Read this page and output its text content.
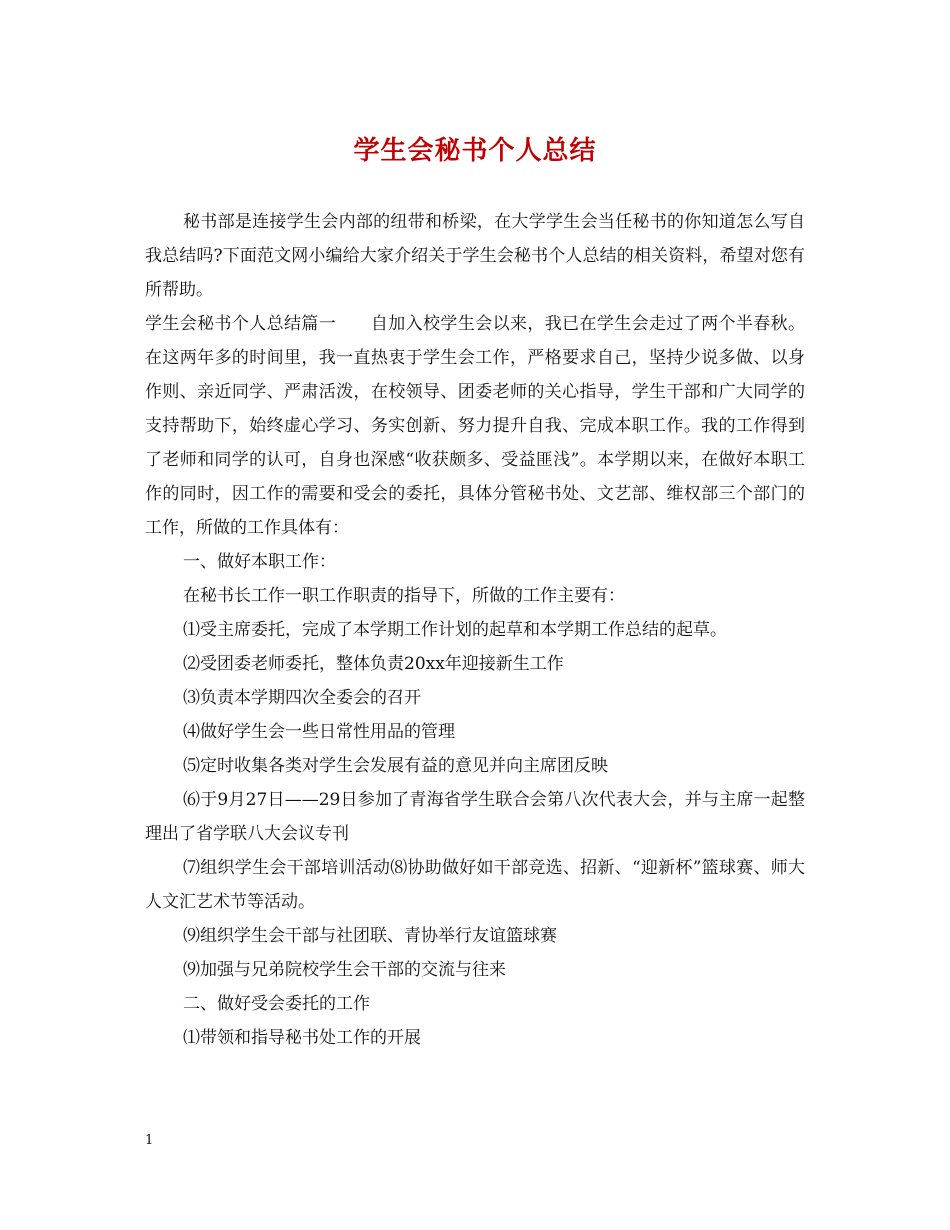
学生会秘书个人总结

秘书部是连接学生会内部的纽带和桥梁，在大学学生会当任秘书的你知道怎么写自我总结吗?下面范文网小编给大家介绍关于学生会秘书个人总结的相关资料，希望对您有所帮助。

学生会秘书个人总结篇一　　自加入校学生会以来，我已在学生会走过了两个半春秋。在这两年多的时间里，我一直热衷于学生会工作，严格要求自己，坚持少说多做、以身作则、亲近同学、严肃活泼，在校领导、团委老师的关心指导，学生干部和广大同学的支持帮助下，始终虚心学习、务实创新、努力提升自我、完成本职工作。我的工作得到了老师和同学的认可，自身也深感“收获颇多、受益匪浅”。本学期以来，在做好本职工作的同时，因工作的需要和受会的委托，具体分管秘书处、文艺部、维权部三个部门的工作，所做的工作具体有：

一、做好本职工作：

在秘书长工作一职工作职责的指导下，所做的工作主要有：

⑴受主席委托，完成了本学期工作计划的起草和本学期工作总结的起草。

⑵受团委老师委托，整体负责20xx年迎接新生工作

⑶负责本学期四次全委会的召开

⑷做好学生会一些日常性用品的管理

⑸定时收集各类对学生会发展有益的意见并向主席团反映

⑹于9月27日——29日参加了青海省学生联合会第八次代表大会，并与主席一起整理出了省学联八大会议专刊

⑺组织学生会干部培训活动⑻协助做好如干部竞选、招新、“迎新杯”篮球赛、师大人文汇艺术节等活动。

⑼组织学生会干部与社团联、青协举行友谊篮球赛

⑼加强与兄弟院校学生会干部的交流与往来

二、做好受会委托的工作

⑴带领和指导秘书处工作的开展

1
